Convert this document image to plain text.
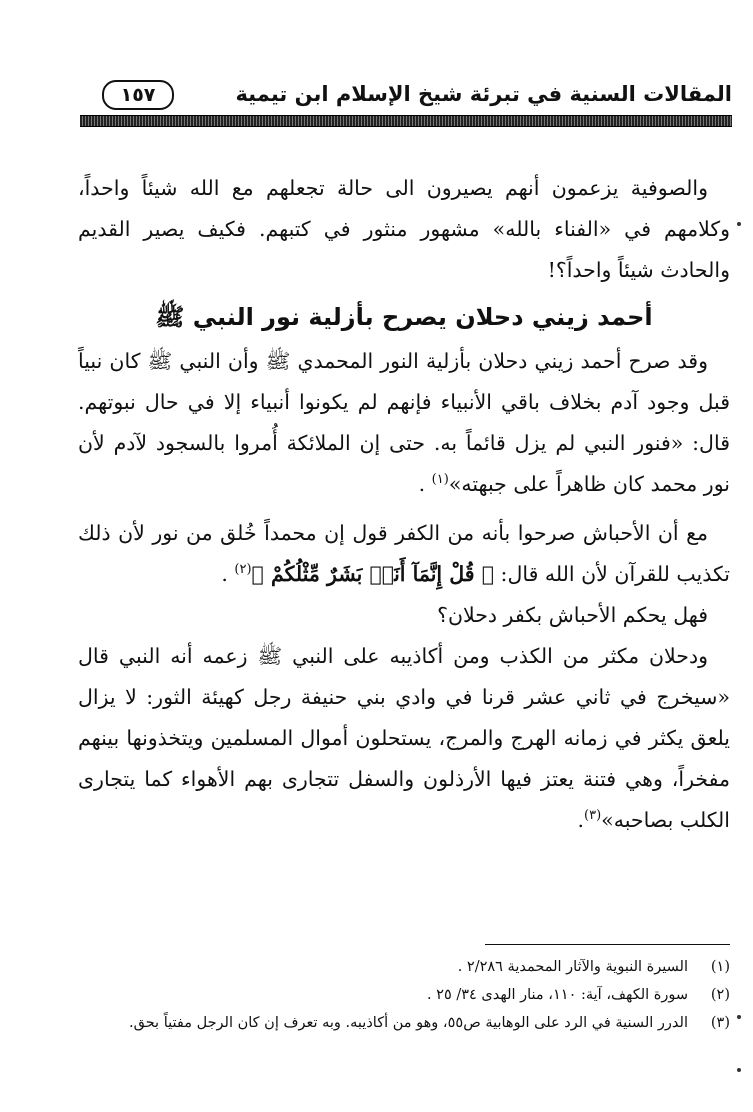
المقالات السنية في تبرئة شيخ الإسلام ابن تيمية
١٥٧

والصوفية يزعمون أنهم يصيرون الى حالة تجعلهم مع الله شيئاً واحداً، وكلامهم في «الفناء بالله» مشهور منثور في كتبهم. فكيف يصير القديم والحادث شيئاً واحداً؟!

أحمد زيني دحلان يصرح بأزلية نور النبي ﷺ

وقد صرح أحمد زيني دحلان بأزلية النور المحمدي ﷺ وأن النبي ﷺ كان نبياً قبل وجود آدم بخلاف باقي الأنبياء فإنهم لم يكونوا أنبياء إلا في حال نبوتهم. قال: «فنور النبي لم يزل قائماً به. حتى إن الملائكة أُمروا بالسجود لآدم لأن نور محمد كان ظاهراً على جبهته»$^{(١)}$ .

مع أن الأحباش صرحوا بأنه من الكفر قول إن محمداً خُلق من نور لأن ذلك تكذيب للقرآن لأن الله قال: ﴿ قُلْ إِنَّمَآ أَنَا۠ بَشَرٌ مِّثْلُكُمْ ﴾$^{(٢)}$ .

فهل يحكم الأحباش بكفر دحلان؟

ودحلان مكثر من الكذب ومن أكاذيبه على النبي ﷺ زعمه أنه النبي قال «سيخرج في ثاني عشر قرنا في وادي بني حنيفة رجل كهيئة الثور: لا يزال يلعق يكثر في زمانه الهرج والمرج، يستحلون أموال المسلمين ويتخذونها بينهم مفخراً، وهي فتنة يعتز فيها الأرذلون والسفل تتجارى بهم الأهواء كما يتجارى الكلب بصاحبه»$^{(٣)}$.

(١)
السيرة النبوية والآثار المحمدية ٢/٢٨٦ .
(٢)
سورة الكهف، آية: ١١٠، منار الهدى ٣٤/ ٢٥ .
(٣)
الدرر السنية في الرد على الوهابية ص٥٥، وهو من أكاذيبه. وبه تعرف إن كان الرجل مفتياً بحق.
